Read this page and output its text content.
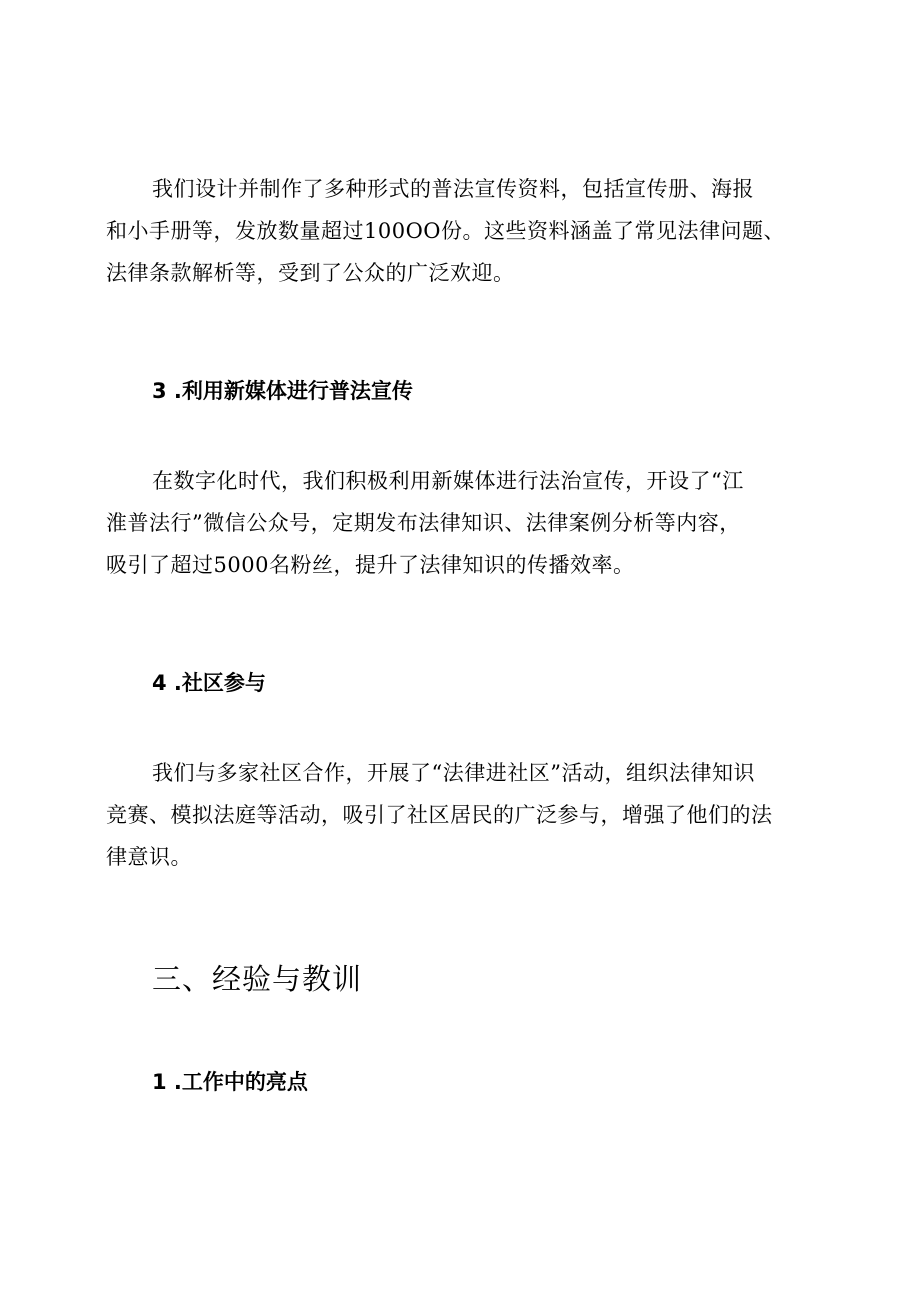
我们设计并制作了多种形式的普法宣传资料，包括宣传册、海报
和小手册等，发放数量超过100OO份。这些资料涵盖了常见法律问题、
法律条款解析等，受到了公众的广泛欢迎。
3 .利用新媒体进行普法宣传
在数字化时代，我们积极利用新媒体进行法治宣传，开设了“江
淮普法行”微信公众号，定期发布法律知识、法律案例分析等内容，
吸引了超过5000名粉丝，提升了法律知识的传播效率。
4 .社区参与
我们与多家社区合作，开展了“法律进社区”活动，组织法律知识
竞赛、模拟法庭等活动，吸引了社区居民的广泛参与，增强了他们的法
律意识。
三、经验与教训
1 .工作中的亮点
